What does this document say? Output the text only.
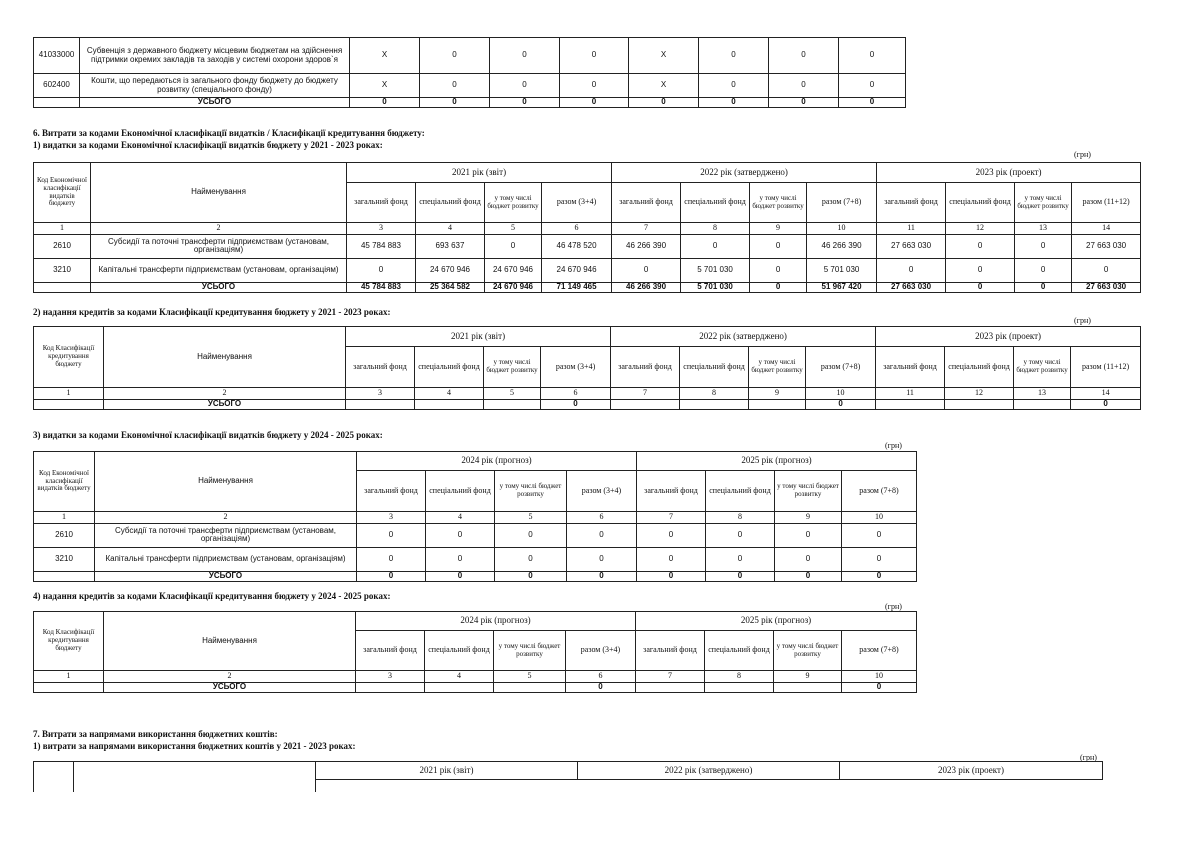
41033000	Субвенція з державного бюджету місцевим бюджетам на здійснення підтримки окремих закладів та заходів у системі охорони здоров`я	X	0	0	0	X	0	0	0
602400	Кошти, що передаються із загального фонду бюджету до бюджету розвитку (спеціального фонду)	X	0	0	0	X	0	0	0
	УСЬОГО	0	0	0	0	0	0	0	0
6. Витрати за кодами Економічної класифікації видатків / Класифікації кредитування бюджету:
1) видатки за кодами Економічної класифікації видатків бюджету у 2021 - 2023 роках:
(грн)
Код Економічної класифікації видатків бюджету	Найменування	2021 рік (звіт)				2022 рік (затверджено)				2023 рік (проект)			
		загальний фонд	спеціальний фонд	у тому числі бюджет розвитку	разом (3+4)	загальний фонд	спеціальний фонд	у тому числі бюджет розвитку	разом (7+8)	загальний фонд	спеціальний фонд	у тому числі бюджет розвитку	разом (11+12)
1	2	3	4	5	6	7	8	9	10	11	12	13	14
2610	Субсидії та поточні трансферти підприємствам (установам, організаціям)	45 784 883	693 637	0	46 478 520	46 266 390	0	0	46 266 390	27 663 030	0	0	27 663 030
3210	Капітальні трансферти підприємствам (установам, організаціям)	0	24 670 946	24 670 946	24 670 946	0	5 701 030	0	5 701 030	0	0	0	0
	УСЬОГО	45 784 883	25 364 582	24 670 946	71 149 465	46 266 390	5 701 030	0	51 967 420	27 663 030	0	0	27 663 030
2) надання кредитів за кодами Класифікації кредитування бюджету у 2021 - 2023 роках:
(грн)
Код Класифікації кредитування бюджету	Найменування	2021 рік (звіт)				2022 рік (затверджено)				2023 рік (проект)			
		загальний фонд	спеціальний фонд	у тому числі бюджет розвитку	разом (3+4)	загальний фонд	спеціальний фонд	у тому числі бюджет розвитку	разом (7+8)	загальний фонд	спеціальний фонд	у тому числі бюджет розвитку	разом (11+12)
1	2	3	4	5	6	7	8	9	10	11	12	13	14
	УСЬОГО				0				0				0
3) видатки за кодами Економічної класифікації видатків бюджету у 2024 - 2025 роках:
(грн)
Код Економічної класифікації видатків бюджету	Найменування	2024 рік (прогноз)				2025 рік (прогноз)			
		загальний фонд	спеціальний фонд	у тому числі бюджет розвитку	разом (3+4)	загальний фонд	спеціальний фонд	у тому числі бюджет розвитку	разом (7+8)
1	2	3	4	5	6	7	8	9	10
2610	Субсидії та поточні трансферти підприємствам (установам, організаціям)	0	0	0	0	0	0	0	0
3210	Капітальні трансферти підприємствам (установам, організаціям)	0	0	0	0	0	0	0	0
	УСЬОГО	0	0	0	0	0	0	0	0
4) надання кредитів за кодами Класифікації кредитування бюджету у 2024 - 2025 роках:
(грн)
Код Класифікації кредитування бюджету	Найменування	2024 рік (прогноз)				2025 рік (прогноз)			
		загальний фонд	спеціальний фонд	у тому числі бюджет розвитку	разом (3+4)	загальний фонд	спеціальний фонд	у тому числі бюджет розвитку	разом (7+8)
1	2	3	4	5	6	7	8	9	10
	УСЬОГО				0				0
7. Витрати за напрямами використання бюджетних коштів:
1) витрати за напрямами використання бюджетних коштів у 2021 - 2023 роках:
(грн)
		2021 рік (звіт)	2022 рік (затверджено)	2023 рік (проект)
